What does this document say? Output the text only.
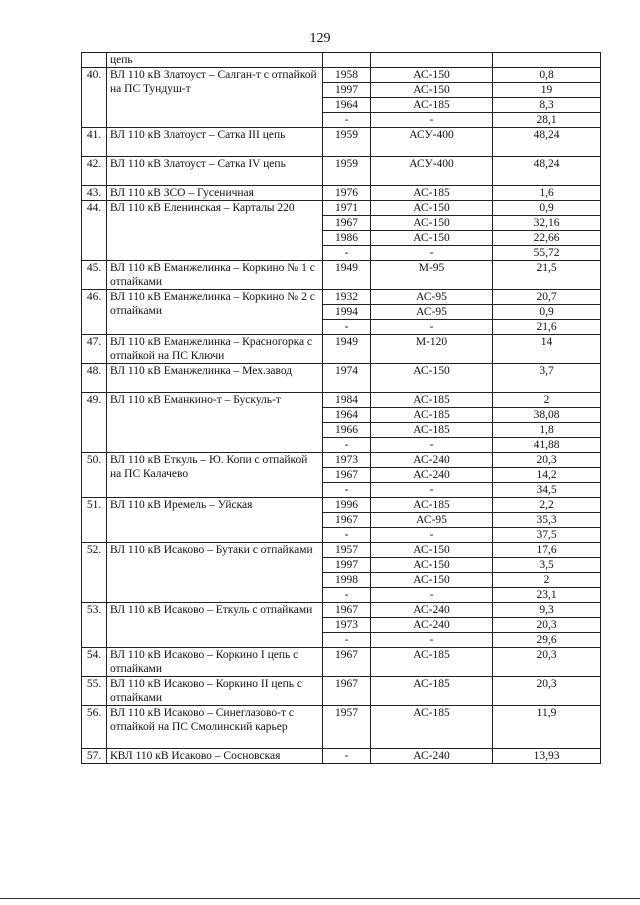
129
	цепь			
40.	ВЛ 110 кВ Златоуст – Салган-т с отпайкой на ПС Тундуш-т	1958	АС-150	0,8
		1997	АС-150	19
		1964	АС-185	8,3
		-	-	28,1
41.	ВЛ 110 кВ Златоуст – Сатка III цепь	1959	АСУ-400	48,24
42.	ВЛ 110 кВ Златоуст – Сатка IV цепь	1959	АСУ-400	48,24
43.	ВЛ 110 кВ ЗСО – Гусеничная	1976	АС-185	1,6
44.	ВЛ 110 кВ Еленинская – Карталы 220	1971	АС-150	0,9
		1967	АС-150	32,16
		1986	АС-150	22,66
		-	-	55,72
45.	ВЛ 110 кВ Еманжелинка – Коркино № 1 с отпайками	1949	М-95	21,5
46.	ВЛ 110 кВ Еманжелинка – Коркино № 2 с отпайками	1932	АС-95	20,7
		1994	АС-95	0,9
		-	-	21,6
47.	ВЛ 110 кВ Еманжелинка – Красногорка с отпайкой на ПС Ключи	1949	М-120	14
48.	ВЛ 110 кВ Еманжелинка – Мех.завод	1974	АС-150	3,7
49.	ВЛ 110 кВ Еманкино-т – Бускуль-т	1984	АС-185	2
		1964	АС-185	38,08
		1966	АС-185	1,8
		-	-	41,88
50.	ВЛ 110 кВ Еткуль – Ю. Копи с отпайкой на ПС Калачево	1973	АС-240	20,3
		1967	АС-240	14,2
		-	-	34,5
51.	ВЛ 110 кВ Иремель – Уйская	1996	АС-185	2,2
		1967	АС-95	35,3
		-	-	37,5
52.	ВЛ 110 кВ Исаково – Бутаки с отпайками	1957	АС-150	17,6
		1997	АС-150	3,5
		1998	АС-150	2
		-	-	23,1
53.	ВЛ 110 кВ Исаково – Еткуль с отпайками	1967	АС-240	9,3
		1973	АС-240	20,3
		-	-	29,6
54.	ВЛ 110 кВ Исаково – Коркино I цепь с отпайками	1967	АС-185	20,3
55.	ВЛ 110 кВ Исаково – Коркино II цепь с отпайками	1967	АС-185	20,3
56.	ВЛ 110 кВ Исаково – Синеглазово-т с отпайкой на ПС Смолинский карьер	1957	АС-185	11,9
57.	КВЛ 110 кВ Исаково – Сосновская	-	АС-240	13,93
